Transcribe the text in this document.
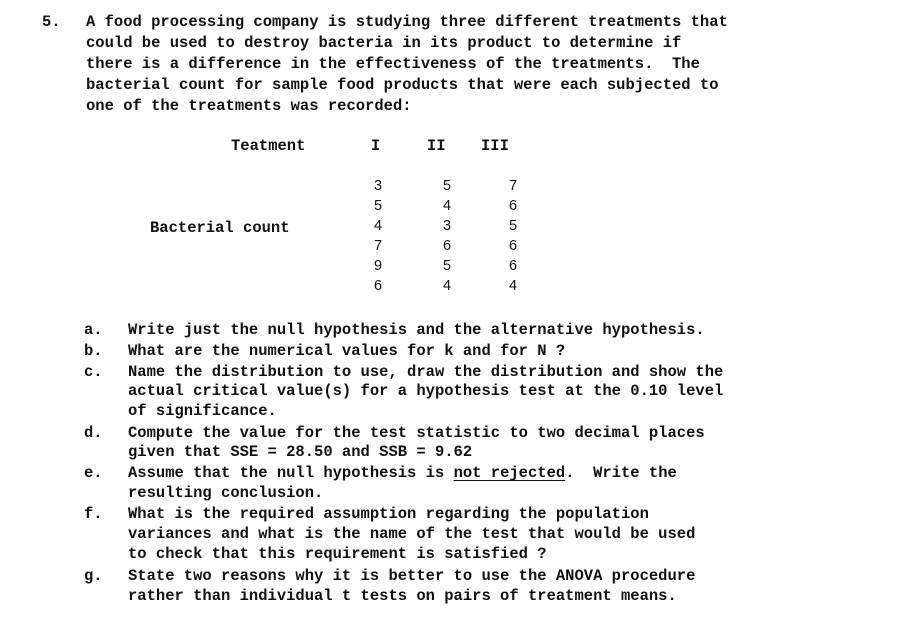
5. A food processing company is studying three different treatments that
could be used to destroy bacteria in its product to determine if
there is a difference in the effectiveness of the treatments.  The
bacterial count for sample food products that were each subjected to
one of the treatments was recorded:
Teatment	I	II III
Bacterial count
3
5
4
7
9
6
5
4
3
6
5
4
7
6
5
6
6
4
a. Write just the null hypothesis and the alternative hypothesis.
b. What are the numerical values for k and for N ?
c. Name the distribution to use, draw the distribution and show the
actual critical value(s) for a hypothesis test at the 0.10 level
of significance.
d. Compute the value for the test statistic to two decimal places
given that SSE = 28.50 and SSB = 9.62
e. Assume that the null hypothesis is not rejected.  Write the
resulting conclusion.
f. What is the required assumption regarding the population
variances and what is the name of the test that would be used
to check that this requirement is satisfied ?
g. State two reasons why it is better to use the ANOVA procedure
rather than individual t tests on pairs of treatment means.
